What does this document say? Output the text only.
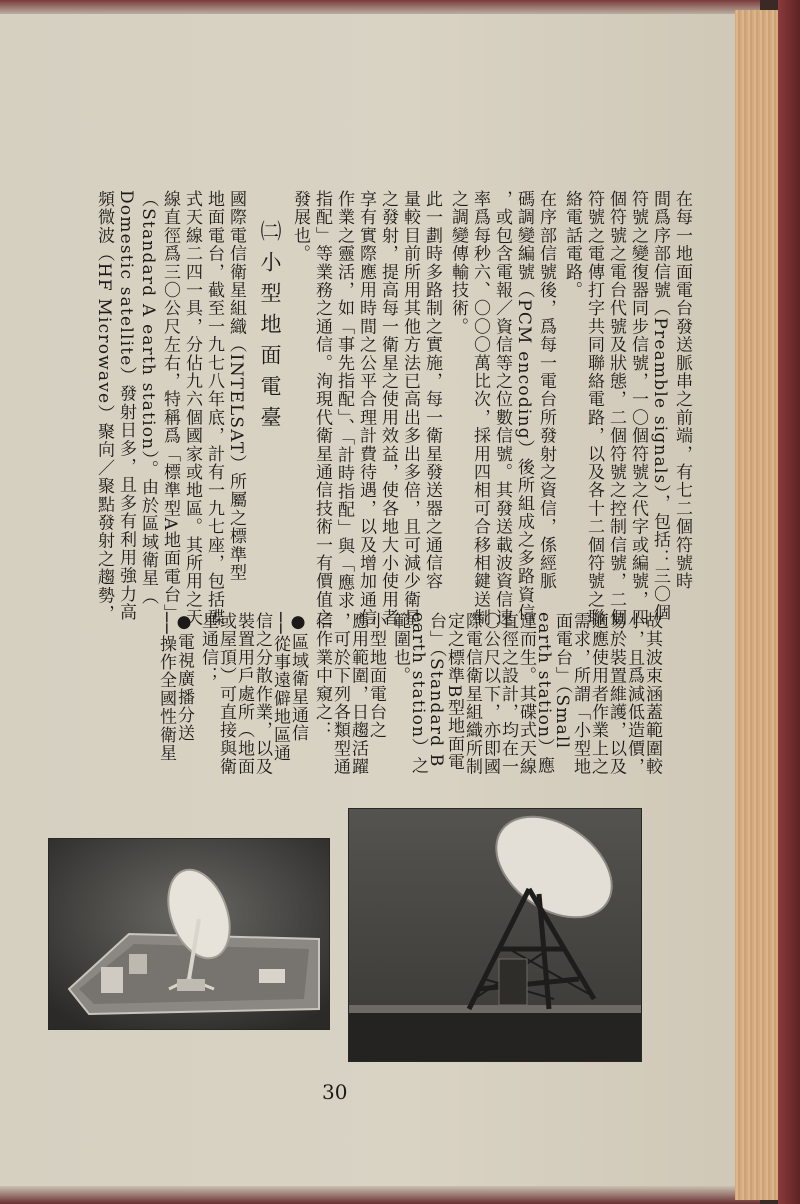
在每一地面電台發送脈串之前端，有七二個符號時
間爲序部信號（Preamble signals），包括：三〇個
符號之變復器同步信號，一〇個符號之代字或編號，四
個符號之電台代號及狀態，二個符號之控制信號，二個
符號之電傳打字共同聯絡電路，以及各十二個符號之聯
絡電話電路。
在序部信號後，爲每一電台所發射之資信，係經脈
碼調變編號（PCM encoding）後所組成之多路資信
，或包含電報／資信等之位數信號。其發送載波資信速
率爲每秒六、〇〇〇萬比次，採用四相可合移相鍵送制
之調變傳輸技術。
此一劃時多路制之實施，每一衛星發送器之通信容
量較目前所用其他方法已高出多出多倍，且可減少衛星
之發射，提高每一衛星之使用效益，使各地大小使用者
享有實際應用時間之公平合理計費待遇，以及增加通信
作業之靈活，如「事先指配」、「計時指配」與「應求
指配」等業務之通信。洵現代衛星通信技術一有價值之
發展也。
㈡小型地面電臺
國際電信衛星組織（INTELSAT）所屬之標準型
地面電台，截至一九七八年底，計有一九七座，包括碟
式天線二四一具，分佔九六個國家或地區。其所用之天
線直徑爲三〇公尺左右，特稱爲「標準型A地面電台」
（Standard A earth station）。由於區域衛星（
Domestic satellite）發射日多，且多有利用強力高
頻微波（HF Microwave）聚向／聚點發射之趨勢，
故其波束涵蓋範圍較
小，且爲減低造價，
易於裝置維護，以及
適應使用者作業上之
需求，所謂「小型地
面電台」（Small
earth station）應
運而生。其碟式天線
直徑之設計，均在一
〇公尺以下，亦即國
際電信衛星組織所制
定之標準B型地面電
台」（Standard B
earth station）之
範圍也。
小型地面電台之
應用範圍，日趨活躍
，可於下列各類型通
信作業中窺之：
●區域衛星通信
──從事遠僻地區通
信之分散作業，以及
裝置用戶處所（地面
或屋頂）可直接與衛
星通信；
●電視廣播分送
──操作全國性衛星
30
